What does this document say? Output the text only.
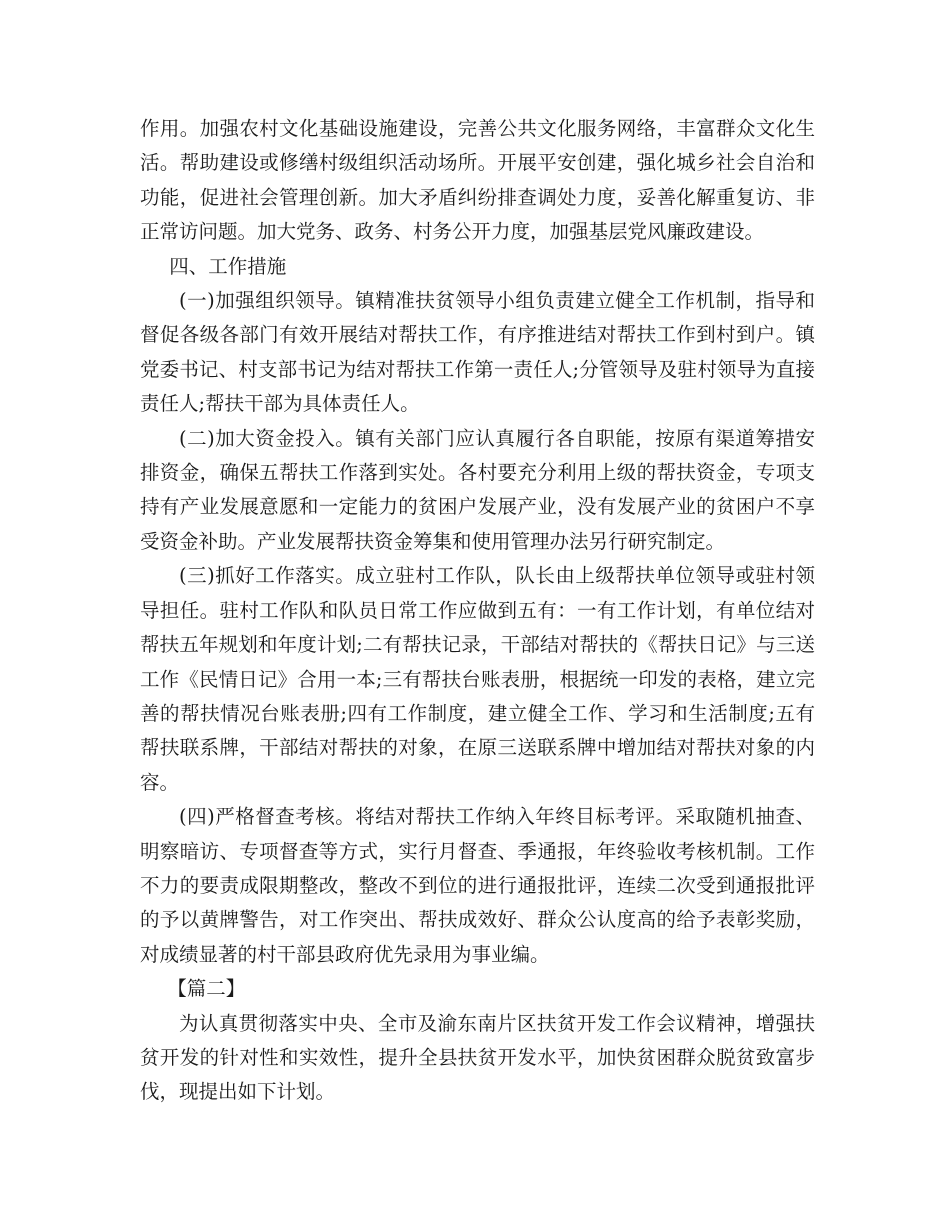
作用。加强农村文化基础设施建设，完善公共文化服务网络，丰富群众文化生活。帮助建设或修缮村级组织活动场所。开展平安创建，强化城乡社会自治和功能，促进社会管理创新。加大矛盾纠纷排查调处力度，妥善化解重复访、非正常访问题。加大党务、政务、村务公开力度，加强基层党风廉政建设。

四、工作措施

(一)加强组织领导。镇精准扶贫领导小组负责建立健全工作机制，指导和督促各级各部门有效开展结对帮扶工作，有序推进结对帮扶工作到村到户。镇党委书记、村支部书记为结对帮扶工作第一责任人;分管领导及驻村领导为直接责任人;帮扶干部为具体责任人。

(二)加大资金投入。镇有关部门应认真履行各自职能，按原有渠道筹措安排资金，确保五帮扶工作落到实处。各村要充分利用上级的帮扶资金，专项支持有产业发展意愿和一定能力的贫困户发展产业，没有发展产业的贫困户不享受资金补助。产业发展帮扶资金筹集和使用管理办法另行研究制定。

(三)抓好工作落实。成立驻村工作队，队长由上级帮扶单位领导或驻村领导担任。驻村工作队和队员日常工作应做到五有：一有工作计划，有单位结对帮扶五年规划和年度计划;二有帮扶记录，干部结对帮扶的《帮扶日记》与三送工作《民情日记》合用一本;三有帮扶台账表册，根据统一印发的表格，建立完善的帮扶情况台账表册;四有工作制度，建立健全工作、学习和生活制度;五有帮扶联系牌，干部结对帮扶的对象，在原三送联系牌中增加结对帮扶对象的内容。

(四)严格督查考核。将结对帮扶工作纳入年终目标考评。采取随机抽查、明察暗访、专项督查等方式，实行月督查、季通报，年终验收考核机制。工作不力的要责成限期整改，整改不到位的进行通报批评，连续二次受到通报批评的予以黄牌警告，对工作突出、帮扶成效好、群众公认度高的给予表彰奖励，对成绩显著的村干部县政府优先录用为事业编。

【篇二】

为认真贯彻落实中央、全市及渝东南片区扶贫开发工作会议精神，增强扶贫开发的针对性和实效性，提升全县扶贫开发水平，加快贫困群众脱贫致富步伐，现提出如下计划。
